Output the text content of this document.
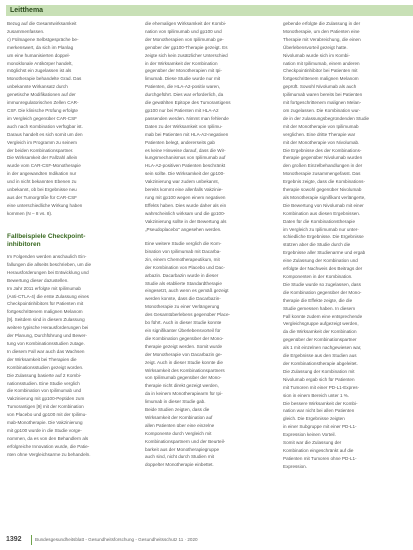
Leitthema

Bezug auf die Gesamtwirksamkeit

zusammenfassen.

c) Fülmagene Selbstgespräche be-

merkenswert, da sich im Planlag

um eine humanisierten doppel-

monoklonale Antikörper handelt,

möglichst ein zugelassen ist als

Monotherapie behandelte Grad. Das

unbekannte Wirkansatz durch

genetische Modifikationen auf der

immunregulatorischen Zellen CAR-

CSF. Die klinische Prüfung erfolgte

im Vergleich gegenüber CAR-CSF

auch nach Kombination verfügbar ist.

Daraus handelt es sich somit um den

Vergleich im Programm zu seinem

der beiden Kombinationspartner.

Die Wirksamkeit der Fallzahl allein

wurde vom CAR-CSF-Monotherapie

in der angewandten Indikation nur

und in nicht bekannten Ebenen zu

unbekannt, ob bei Ergebnisse neu

aus der Tumorgröße für CAR-CSF

eine unterschiedliche Wirkung haben

kommen (N – 8 vs. 8).

Fallbeispiele Checkpoint-
inhibitoren

Im Folgenden werden anschaulich Ein-

fallungen die allseits beschrieben, um die

Herausforderungen bei Entwicklung und

Bewertung dieser dazustellen.

Im Jahr 2011 erfolgte mit Ipilimumab

(Anti-CTLA-4) die erste Zulassung eines

Checkpointinhibitors für Patienten mit

fortgeschrittenem malignen Melanom

[9]. Seitdem sind in diesem Zulassung

weitere typische Herausforderungen bei

der Planung, Durchführung und Bewer-

tung von Kombinationsstudien zutage.

In diesem Fall war auch das Wachsen

der Wirksamkeit bei Therapien die

Kombinationsstudien gezeigt worden.

Die Zulassung basierte auf 2 Kombi-

nationsstudien. Eine Studie verglich

die Kombination von Ipilimumab und

Vakzinierung mit gp100-Peptiden zum

Tumorantigen [9] mit der Kombination

von Placebo und gp100 mit der Ipilimu-

mab-Monotherapie. Die Vakzinierung

mit gp100 wurde in die Studie vorge-

nommen, da es von den Behandlern als

erfolgreiche Innovation wurde, die Patie-

nten ohne Vergleichsarme zu behandeln.

die ehemaligen Wirksamkeit der Kombi-

nation von Ipilimumab und gp100 und

der Monotherapien von Ipilimumab ge-

genüber der gp100-Therapie gezeigt. Es

zeigte sich kein zusätzlicher Unterschied

in der Wirksamkeit der Kombination

gegenüber der Monotherapien mit Ipi-

limumab. Diese Studie wurde nur mit

Patienten, die HLA-A2-positiv waren,

durchgeführt. Dies war erforderlich, da

die gewählten Epitope des Tumorantigens

gp100 nur bei Patienten mit HLA-A2

passenden werden. Nimmt man fehlende

Daten zu der Wirksamkeit von Ipilimu-

mab bei Patienten mit HLA-A2-negativen

Patienten belegt, andererseits gab

es keine Hinweise darauf, dass die Wir-

kungsmechanismus von Ipilimumab auf

HLA-A2-positiven Patienten beschränkt

sein sollte. Die Wirksamkeit der gp100-

Vakzinierung war zudem unbekannt,

bereits kommt eine allenfalls Vakzinie-

rung mit gp100 wegen einem negativen

Effekts haben. Dies wurde daher als ein

wahrscheinlich wirksam und die gp100-

Vakzinierung sollte in der Bewertung als

„Pseudoplacebo" angesehen werden.

Eine weitere Studie verglich die Kom-

bination von Ipilimumab mit Dacarba-

zin, einem Chemotherapeutikum, mit

der Kombination von Placebo und Dac-

arbazin. Dacarbazin wurde in dieser

Studie als etablierte Standardtherapie

eingesetzt, auch wenn es gemäß gezeigt

werden konnte, dass die Dacarbazin-

Monotherapie zu einer Verlängerung

des Gesamtüberlebens gegenüber Place-

bo führt. Auch in dieser Studie konnte

ein signifikanter Überlebensvorteil für

die Kombination gegenüber der Mono-

therapie gezeigt werden. Somit wurde

der Monotherapie von Dacarbazin ge-

zeigt. Auch in dieser Studie konnte die

Wirksamkeit des Kombinationspartners

von Ipilimumab gegenüber der Mono-

therapie nicht direkt gezeigt werden,

da in keinem Monotherapiearm für Ipi-

limumab in dieser Studie gab.

Beide Studien zeigten, dass die

Wirksamkeit der Kombination auf

allen Patienten über eine einzelne

Komponente durch Vergleich mit

Kombinationspartnern und der Beurteil-

barkeit aus der Monotherapiegruppe

auch sind, nicht durch Studien mit

doppelter Monotherapie einbettet.

gebende erfolgte die Zulassung in der

Monotherapie, um den Patienten eine

Therapie mit Verabreichung, die einen

Überlebensvorteil gezeigt hatte.

Nivolumab wurde sich im Kombi-

nation mit Ipilimumab, einem anderen

Checkpointinhibitor bei Patienten mit

fortgeschrittenem malignen Melanom

geprüft. Sowohl Nivolumab als auch

Ipilimumab waren bereits bei Patienten

mit fortgeschrittenem malignen Melan-

om zugelassen. Die Kombination wur-

de in der zulassungsbegründenden Studie

mit der Monotherapie von Ipilimumab

verglichen. Eine dritte Therapie war

mit der Monotherapie von Nivolumab.

Die Ergebnisse des der Kombinations-

therapie gegenüber Nivolumab wurden

den großen Einzelbehandlungen in der

Monotherapie zusammengefasst. Das

Ergebnis zeigte, dass die Kombinations-

therapie sowohl gegenüber Nivolumab

als Monotherapie signifikant verlängerte,

Die Bewertung von Nivolumab mit einer

Kombination aus diesen Ergebnissen.

Daten für die Kombinationstherapie

im Vergleich zu Ipilimumab nur unter-

schiedliche Ergebnisse. Die Ergebnisse

stützen aber die Studie durch die

Ergebnisse aller Studienarme und ergab

eine Zulassung der Kombination und

erfolgte der Nachweis des Beitrags der

Komponenten in der Kombination.

Die Studie wurde so zugelassen, dass

die Kombination gegenüber der Mono-

therapie die Effekte zeigte, die die

Studie gemessen haben. In diesem

Fall konnte zudem eine entsprechende

Vergleichsgruppe aufgezeigt werden,

da die Wirksamkeit der Kombination

gegenüber der Kombinationspartner

als 1 mit einzelnen nachgewiesen war,

die Ergebnisse aus den Studien aus

der Kombinationstherapie abgeleitet.

Die Zulassung der Kombination mit

Nivolumab ergab sich für Patienten

mit Tumoren mit einer PD-L1-Expres-

sion in einem Bereich unter 1 %.

Die bessere Wirksamkeit der Kombi-

nation war nicht bei allen Patienten

gleich. Die Ergebnisse zeigten

in einer Subgruppe mit einer PD-L1-

Expression keinen Vorteil.

Somit war die Zulassung der

Kombination eingeschränkt auf die

Patienten mit Tumoren ohne PD-L1-

Expression.

1392	Bundesgesundheitsblatt - Gesundheitsforschung - Gesundheitsschutz 11 · 2020
